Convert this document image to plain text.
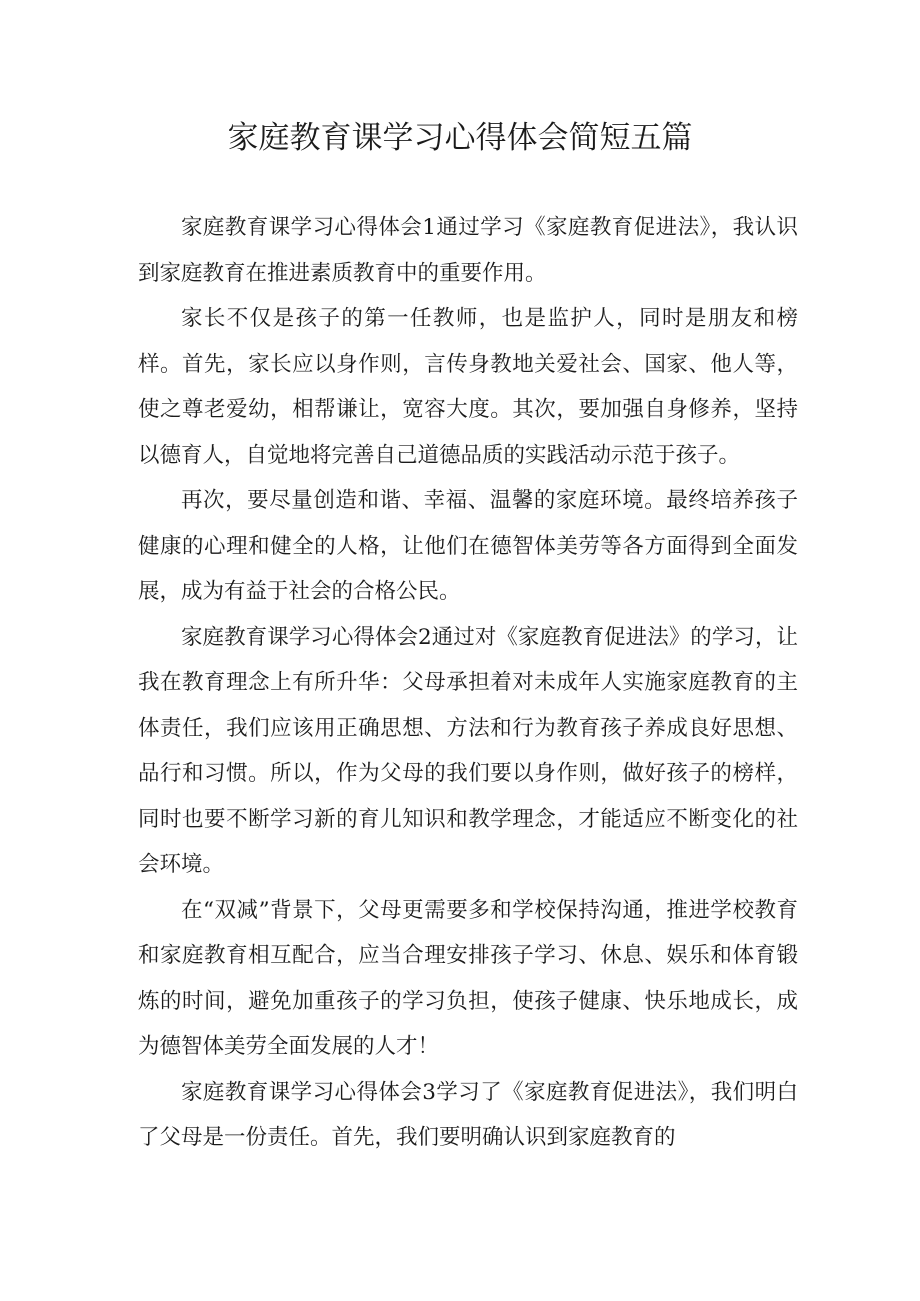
家庭教育课学习心得体会简短五篇

家庭教育课学习心得体会1通过学习《家庭教育促进法》，我认识到家庭教育在推进素质教育中的重要作用。

家长不仅是孩子的第一任教师，也是监护人，同时是朋友和榜样。首先，家长应以身作则，言传身教地关爱社会、国家、他人等，使之尊老爱幼，相帮谦让，宽容大度。其次，要加强自身修养，坚持以德育人，自觉地将完善自己道德品质的实践活动示范于孩子。

再次，要尽量创造和谐、幸福、温馨的家庭环境。最终培养孩子健康的心理和健全的人格，让他们在德智体美劳等各方面得到全面发展，成为有益于社会的合格公民。

家庭教育课学习心得体会2通过对《家庭教育促进法》的学习，让我在教育理念上有所升华：父母承担着对未成年人实施家庭教育的主体责任，我们应该用正确思想、方法和行为教育孩子养成良好思想、品行和习惯。所以，作为父母的我们要以身作则，做好孩子的榜样，同时也要不断学习新的育儿知识和教学理念，才能适应不断变化的社会环境。

在“双减”背景下，父母更需要多和学校保持沟通，推进学校教育和家庭教育相互配合，应当合理安排孩子学习、休息、娱乐和体育锻炼的时间，避免加重孩子的学习负担，使孩子健康、快乐地成长，成为德智体美劳全面发展的人才！

家庭教育课学习心得体会3学习了《家庭教育促进法》，我们明白了父母是一份责任。首先，我们要明确认识到家庭教育的
